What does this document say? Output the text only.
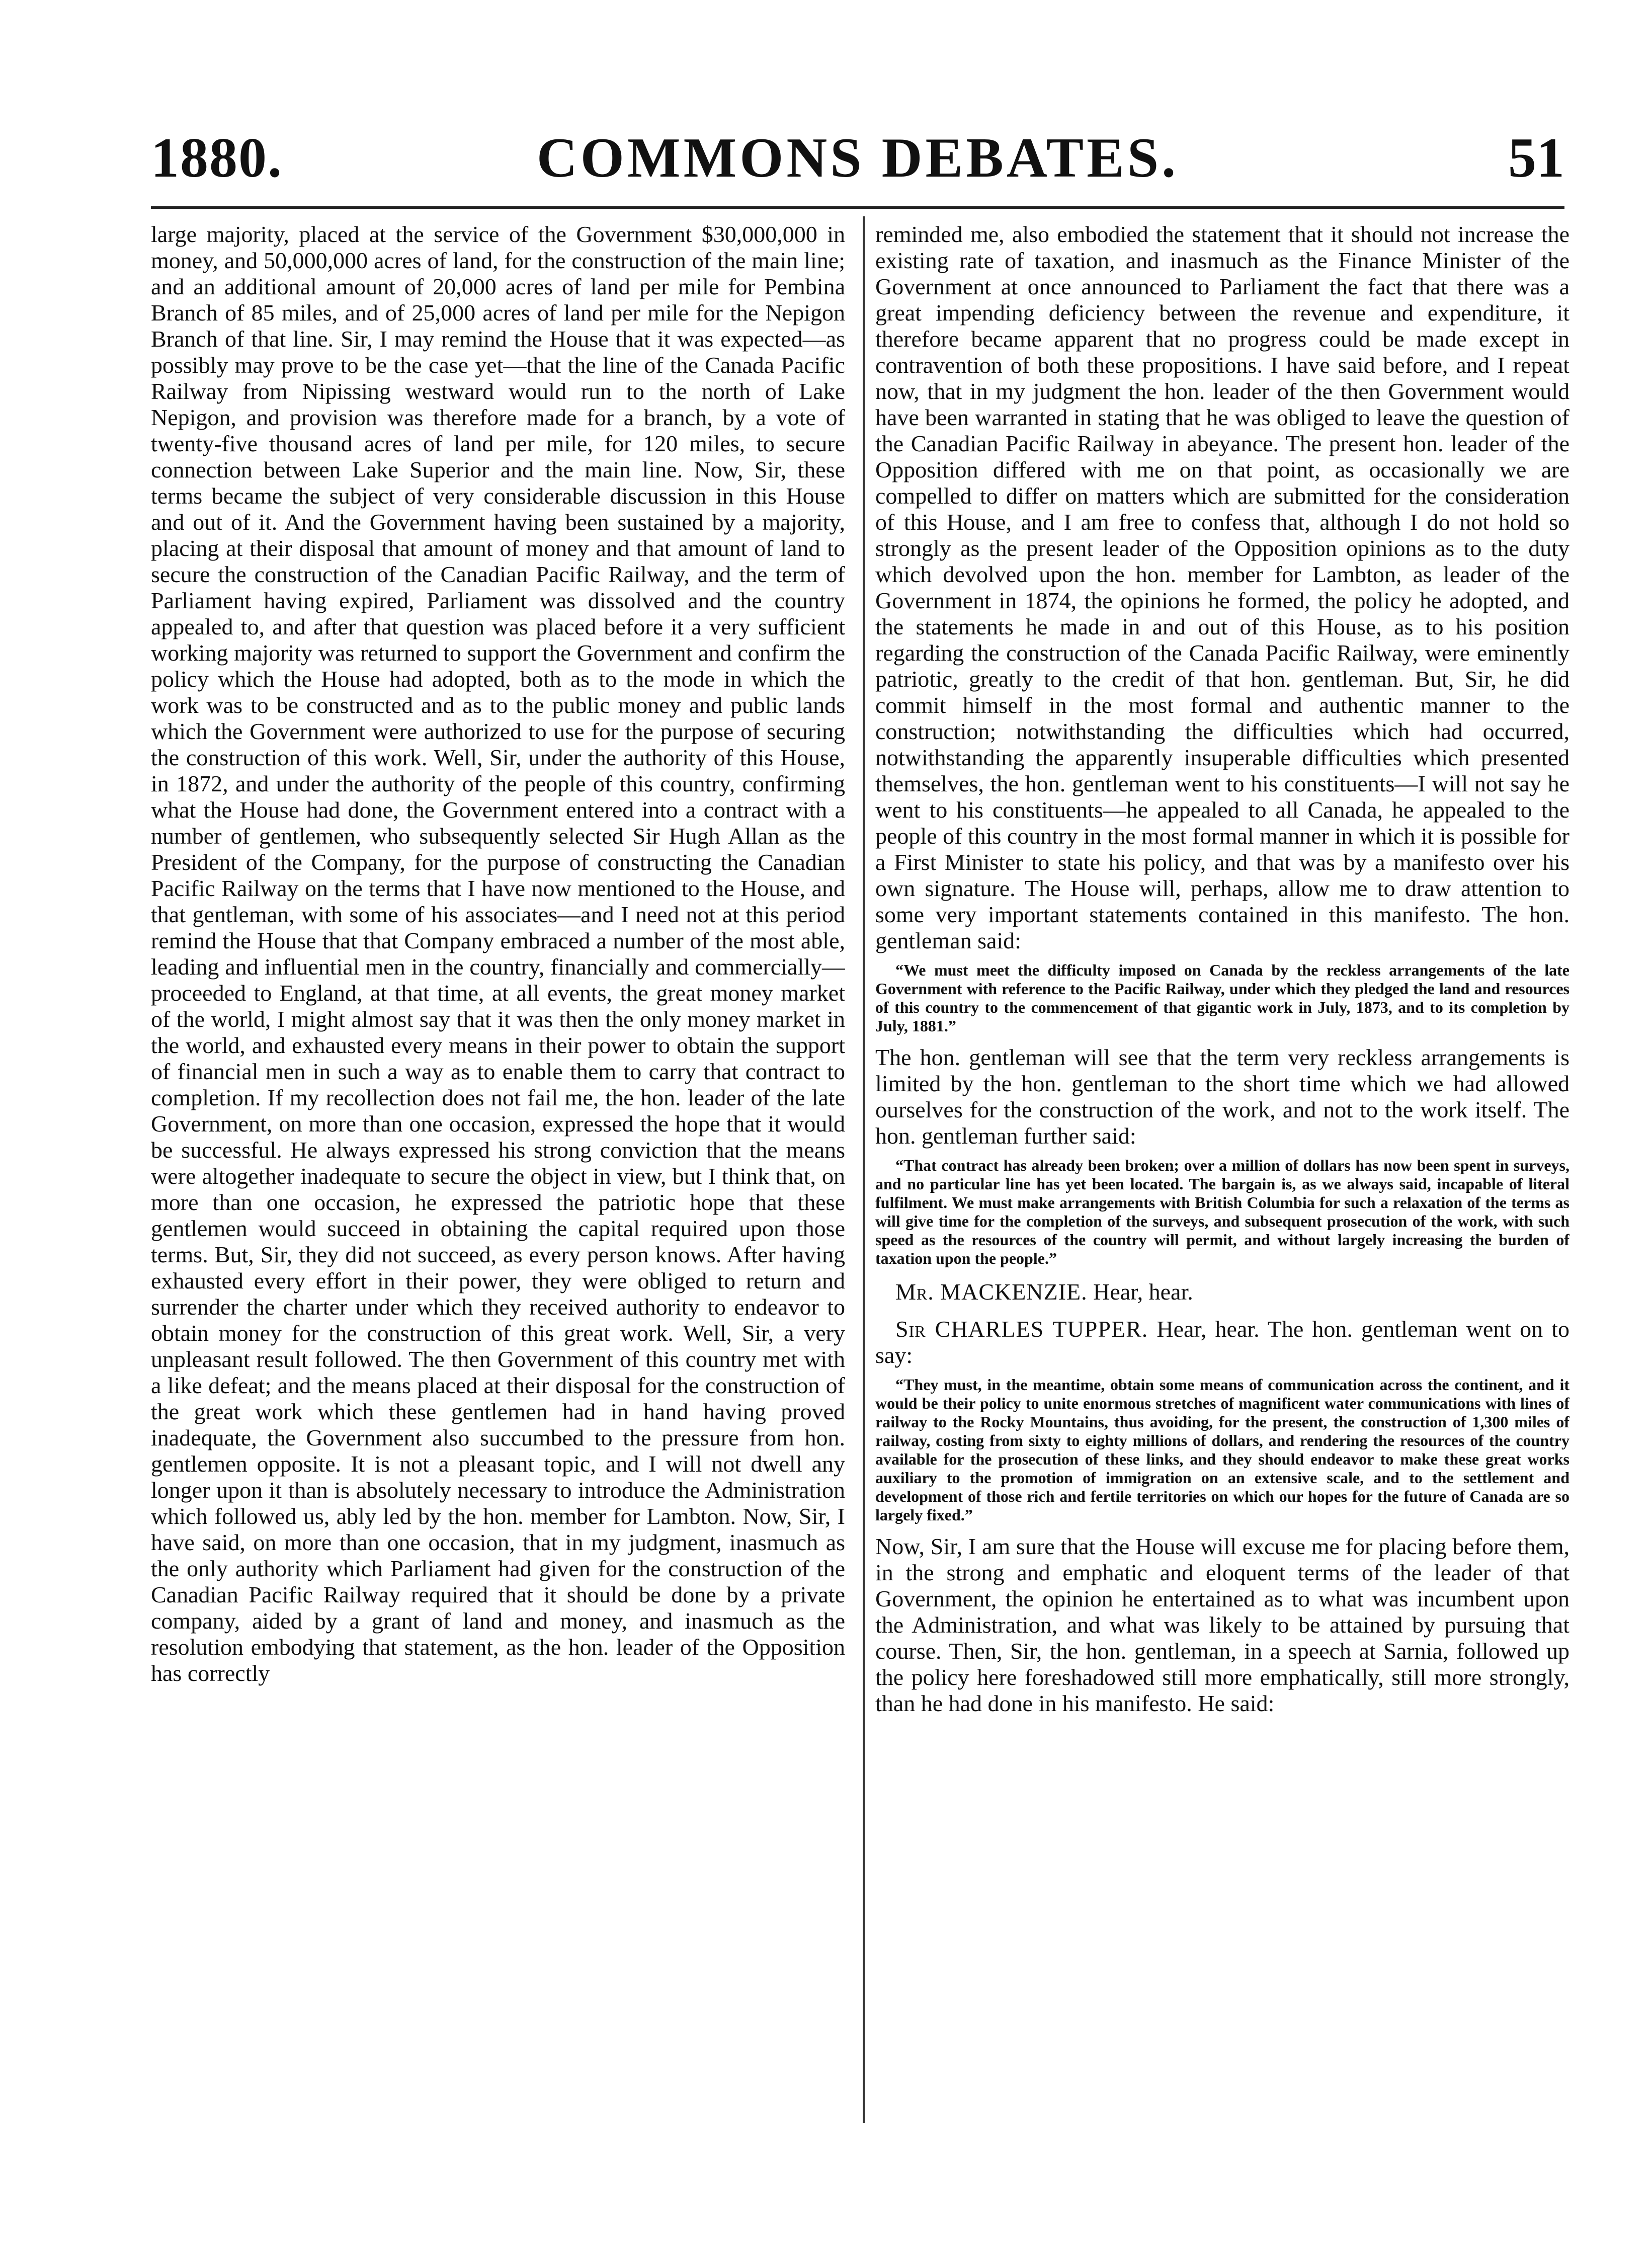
1880.	COMMONS DEBATES.	51

large majority, placed at the service of the Government $30,000,000 in money, and 50,000,000 acres of land, for the construction of the main line; and an additional amount of 20,000 acres of land per mile for Pembina Branch of 85 miles, and of 25,000 acres of land per mile for the Nepigon Branch of that line. Sir, I may remind the House that it was expected—as possibly may prove to be the case yet—that the line of the Canada Pacific Railway from Nipissing westward would run to the north of Lake Nepigon, and provision was therefore made for a branch, by a vote of twenty-five thousand acres of land per mile, for 120 miles, to secure connection between Lake Superior and the main line. Now, Sir, these terms became the subject of very considerable discussion in this House and out of it. And the Government having been sustained by a majority, placing at their disposal that amount of money and that amount of land to secure the construction of the Canadian Pacific Railway, and the term of Parliament having expired, Parliament was dissolved and the country appealed to, and after that question was placed before it a very sufficient working majority was returned to support the Government and confirm the policy which the House had adopted, both as to the mode in which the work was to be constructed and as to the public money and public lands which the Government were authorized to use for the purpose of securing the construction of this work. Well, Sir, under the authority of this House, in 1872, and under the authority of the people of this country, confirming what the House had done, the Government entered into a contract with a number of gentlemen, who subsequently selected Sir Hugh Allan as the President of the Company, for the purpose of constructing the Canadian Pacific Railway on the terms that I have now mentioned to the House, and that gentleman, with some of his associates—and I need not at this period remind the House that that Company embraced a number of the most able, leading and influential men in the country, financially and commercially—proceeded to England, at that time, at all events, the great money market of the world, I might almost say that it was then the only money market in the world, and exhausted every means in their power to obtain the support of financial men in such a way as to enable them to carry that contract to completion. If my recollection does not fail me, the hon. leader of the late Government, on more than one occasion, expressed the hope that it would be successful. He always expressed his strong conviction that the means were altogether inadequate to secure the object in view, but I think that, on more than one occasion, he expressed the patriotic hope that these gentlemen would succeed in obtaining the capital required upon those terms. But, Sir, they did not succeed, as every person knows. After having exhausted every effort in their power, they were obliged to return and surrender the charter under which they received authority to endeavor to obtain money for the construction of this great work. Well, Sir, a very unpleasant result followed. The then Government of this country met with a like defeat; and the means placed at their disposal for the construction of the great work which these gentlemen had in hand having proved inadequate, the Government also succumbed to the pressure from hon. gentlemen opposite. It is not a pleasant topic, and I will not dwell any longer upon it than is absolutely necessary to introduce the Administration which followed us, ably led by the hon. member for Lambton. Now, Sir, I have said, on more than one occasion, that in my judgment, inasmuch as the only authority which Parliament had given for the construction of the Canadian Pacific Railway required that it should be done by a private company, aided by a grant of land and money, and inasmuch as the resolution embodying that statement, as the hon. leader of the Opposition has correctly

reminded me, also embodied the statement that it should not increase the existing rate of taxation, and inasmuch as the Finance Minister of the Government at once announced to Parliament the fact that there was a great impending deficiency between the revenue and expenditure, it therefore became apparent that no progress could be made except in contravention of both these propositions. I have said before, and I repeat now, that in my judgment the hon. leader of the then Government would have been warranted in stating that he was obliged to leave the question of the Canadian Pacific Railway in abeyance. The present hon. leader of the Opposition differed with me on that point, as occasionally we are compelled to differ on matters which are submitted for the consideration of this House, and I am free to confess that, although I do not hold so strongly as the present leader of the Opposition opinions as to the duty which devolved upon the hon. member for Lambton, as leader of the Government in 1874, the opinions he formed, the policy he adopted, and the statements he made in and out of this House, as to his position regarding the construction of the Canada Pacific Railway, were eminently patriotic, greatly to the credit of that hon. gentleman. But, Sir, he did commit himself in the most formal and authentic manner to the construction; notwithstanding the difficulties which had occurred, notwithstanding the apparently insuperable difficulties which presented themselves, the hon. gentleman went to his constituents—I will not say he went to his constituents—he appealed to all Canada, he appealed to the people of this country in the most formal manner in which it is possible for a First Minister to state his policy, and that was by a manifesto over his own signature. The House will, perhaps, allow me to draw attention to some very important statements contained in this manifesto. The hon. gentleman said:

“We must meet the difficulty imposed on Canada by the reckless arrangements of the late Government with reference to the Pacific Railway, under which they pledged the land and resources of this country to the commencement of that gigantic work in July, 1873, and to its completion by July, 1881.”

The hon. gentleman will see that the term very reckless arrangements is limited by the hon. gentleman to the short time which we had allowed ourselves for the construction of the work, and not to the work itself. The hon. gentleman further said:

“That contract has already been broken; over a million of dollars has now been spent in surveys, and no particular line has yet been located. The bargain is, as we always said, incapable of literal fulfilment. We must make arrangements with British Columbia for such a relaxation of the terms as will give time for the completion of the surveys, and subsequent prosecution of the work, with such speed as the resources of the country will permit, and without largely increasing the burden of taxation upon the people.”

Mr. MACKENZIE. Hear, hear.

Sir CHARLES TUPPER. Hear, hear. The hon. gentleman went on to say:

“They must, in the meantime, obtain some means of communication across the continent, and it would be their policy to unite enormous stretches of magnificent water communications with lines of railway to the Rocky Mountains, thus avoiding, for the present, the construction of 1,300 miles of railway, costing from sixty to eighty millions of dollars, and rendering the resources of the country available for the prosecution of these links, and they should endeavor to make these great works auxiliary to the promotion of immigration on an extensive scale, and to the settlement and development of those rich and fertile territories on which our hopes for the future of Canada are so largely fixed.”

Now, Sir, I am sure that the House will excuse me for placing before them, in the strong and emphatic and eloquent terms of the leader of that Government, the opinion he entertained as to what was incumbent upon the Administration, and what was likely to be attained by pursuing that course. Then, Sir, the hon. gentleman, in a speech at Sarnia, followed up the policy here foreshadowed still more emphatically, still more strongly, than he had done in his manifesto. He said:
